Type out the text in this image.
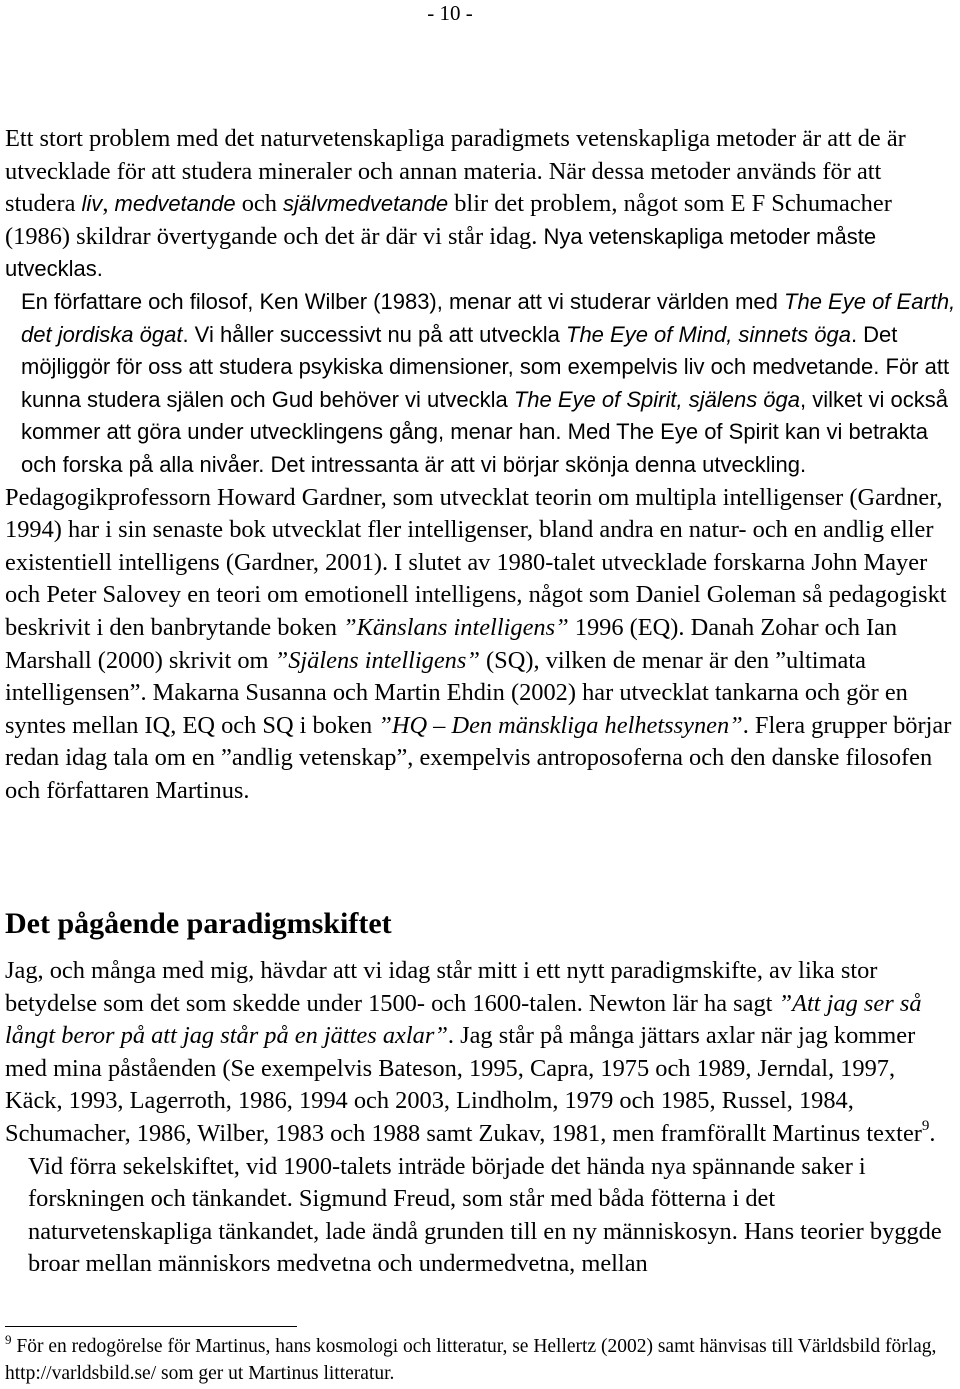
- 10 -

Ett stort problem med det naturvetenskapliga paradigmets vetenskapliga metoder är att de är utvecklade för att studera mineraler och annan materia. När dessa metoder används för att studera liv, medvetande och självmedvetande blir det problem, något som E F Schumacher (1986) skildrar övertygande och det är där vi står idag. Nya vetenskapliga metoder måste utvecklas.

En författare och filosof, Ken Wilber (1983), menar att vi studerar världen med The Eye of Earth, det jordiska ögat. Vi håller successivt nu på att utveckla The Eye of Mind, sinnets öga. Det möjliggör för oss att studera psykiska dimensioner, som exempelvis liv och medvetande. För att kunna studera själen och Gud behöver vi utveckla The Eye of Spirit, själens öga, vilket vi också kommer att göra under utvecklingens gång, menar han. Med The Eye of Spirit kan vi betrakta och forska på alla nivåer. Det intressanta är att vi börjar skönja denna utveckling.

Pedagogikprofessorn Howard Gardner, som utvecklat teorin om multipla intelligenser (Gardner, 1994) har i sin senaste bok utvecklat fler intelligenser, bland andra en natur- och en andlig eller existentiell intelligens (Gardner, 2001). I slutet av 1980-talet utvecklade forskarna John Mayer och Peter Salovey en teori om emotionell intelligens, något som Daniel Goleman så pedagogiskt beskrivit i den banbrytande boken ”Känslans intelligens” 1996 (EQ). Danah Zohar och Ian Marshall (2000) skrivit om ”Själens intelligens” (SQ), vilken de menar är den ”ultimata intelligensen”. Makarna Susanna och Martin Ehdin (2002) har utvecklat tankarna och gör en syntes mellan IQ, EQ och SQ i boken ”HQ – Den mänskliga helhetssynen”. Flera grupper börjar redan idag tala om en ”andlig vetenskap”, exempelvis antroposoferna och den danske filosofen och författaren Martinus.

Det pågående paradigmskiftet

Jag, och många med mig, hävdar att vi idag står mitt i ett nytt paradigmskifte, av lika stor betydelse som det som skedde under 1500- och 1600-talen. Newton lär ha sagt ”Att jag ser så långt beror på att jag står på en jättes axlar”. Jag står på många jättars axlar när jag kommer med mina påståenden (Se exempelvis Bateson, 1995, Capra, 1975 och 1989, Jerndal, 1997, Käck, 1993, Lagerroth, 1986, 1994 och 2003, Lindholm, 1979 och 1985, Russel, 1984, Schumacher, 1986, Wilber, 1983 och 1988 samt Zukav, 1981, men framförallt Martinus texter$^9$.

Vid förra sekelskiftet, vid 1900-talets inträde började det hända nya spännande saker i forskningen och tänkandet. Sigmund Freud, som står med båda fötterna i det naturvetenskapliga tänkandet, lade ändå grunden till en ny människosyn. Hans teorier byggde broar mellan människors medvetna och undermedvetna, mellan

$^9$ För en redogörelse för Martinus, hans kosmologi och litteratur, se Hellertz (2002) samt hänvisas till Världsbild förlag, http://varldsbild.se/ som ger ut Martinus litteratur.
